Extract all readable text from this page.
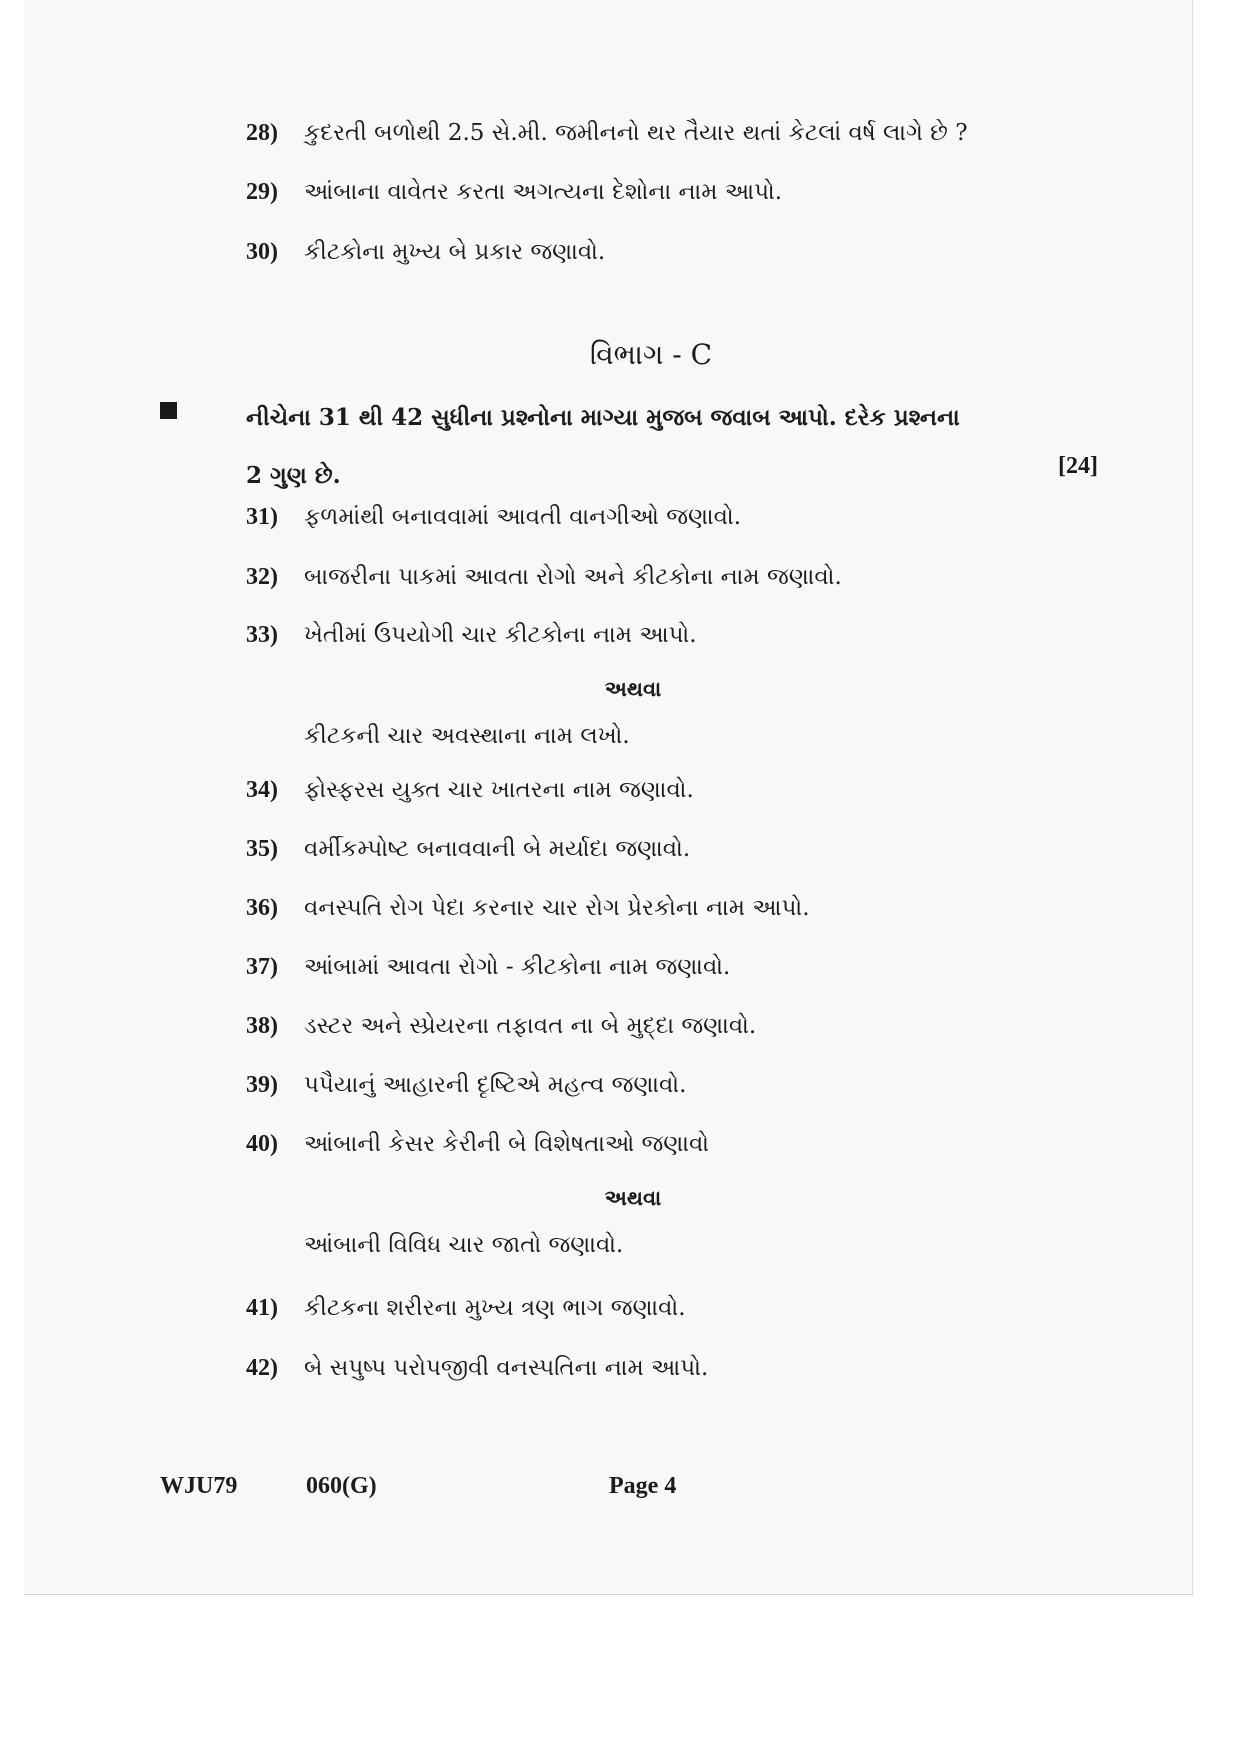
28) કુદરતી બળોથી 2.5 સે.મી. જમીનનો થર તૈયાર થતાં કેટલાં વર્ષ લાગે છે ?
29) આંબાના વાવેતર કરતા અગત્યના દેશોના નામ આપો.
30) કીટકોના મુખ્ય બે પ્રકાર જણાવો.
વિભાગ - C
નીચેના 31 થી 42 સુધીના પ્રશ્નોના માગ્યા મુજબ જવાબ આપો. દરેક પ્રશ્નના 2 ગુણ છે.	[24]
31) ફળમાંથી બનાવવામાં આવતી વાનગીઓ જણાવો.
32) બાજરીના પાકમાં આવતા રોગો અને કીટકોના નામ જણાવો.
33) ખેતીમાં ઉપયોગી ચાર કીટકોના નામ આપો.
અથવા
કીટકની ચાર અવસ્થાના નામ લખો.
34) ફોસ્ફરસ યુક્ત ચાર ખાતરના નામ જણાવો.
35) વર્મીકમ્પોષ્ટ બનાવવાની બે મર્યાદા જણાવો.
36) વનસ્પતિ રોગ પેદા કરનાર ચાર રોગ પ્રેરકોના નામ આપો.
37) આંબામાં આવતા રોગો - કીટકોના નામ જણાવો.
38) ડસ્ટર અને સ્પ્રેયરના તફાવત ના બે મુદ્દા જણાવો.
39) પપૈયાનું આહારની દૃષ્ટિએ મહત્વ જણાવો.
40) આંબાની કેસર કેરીની બે વિશેષતાઓ જણાવો
અથવા
આંબાની વિવિધ ચાર જાતો જણાવો.
41) કીટકના શરીરના મુખ્ય ત્રણ ભાગ જણાવો.
42) બે સપુષ્પ પરોપજીવી વનસ્પતિના નામ આપો.
WJU79	060(G)	Page 4
